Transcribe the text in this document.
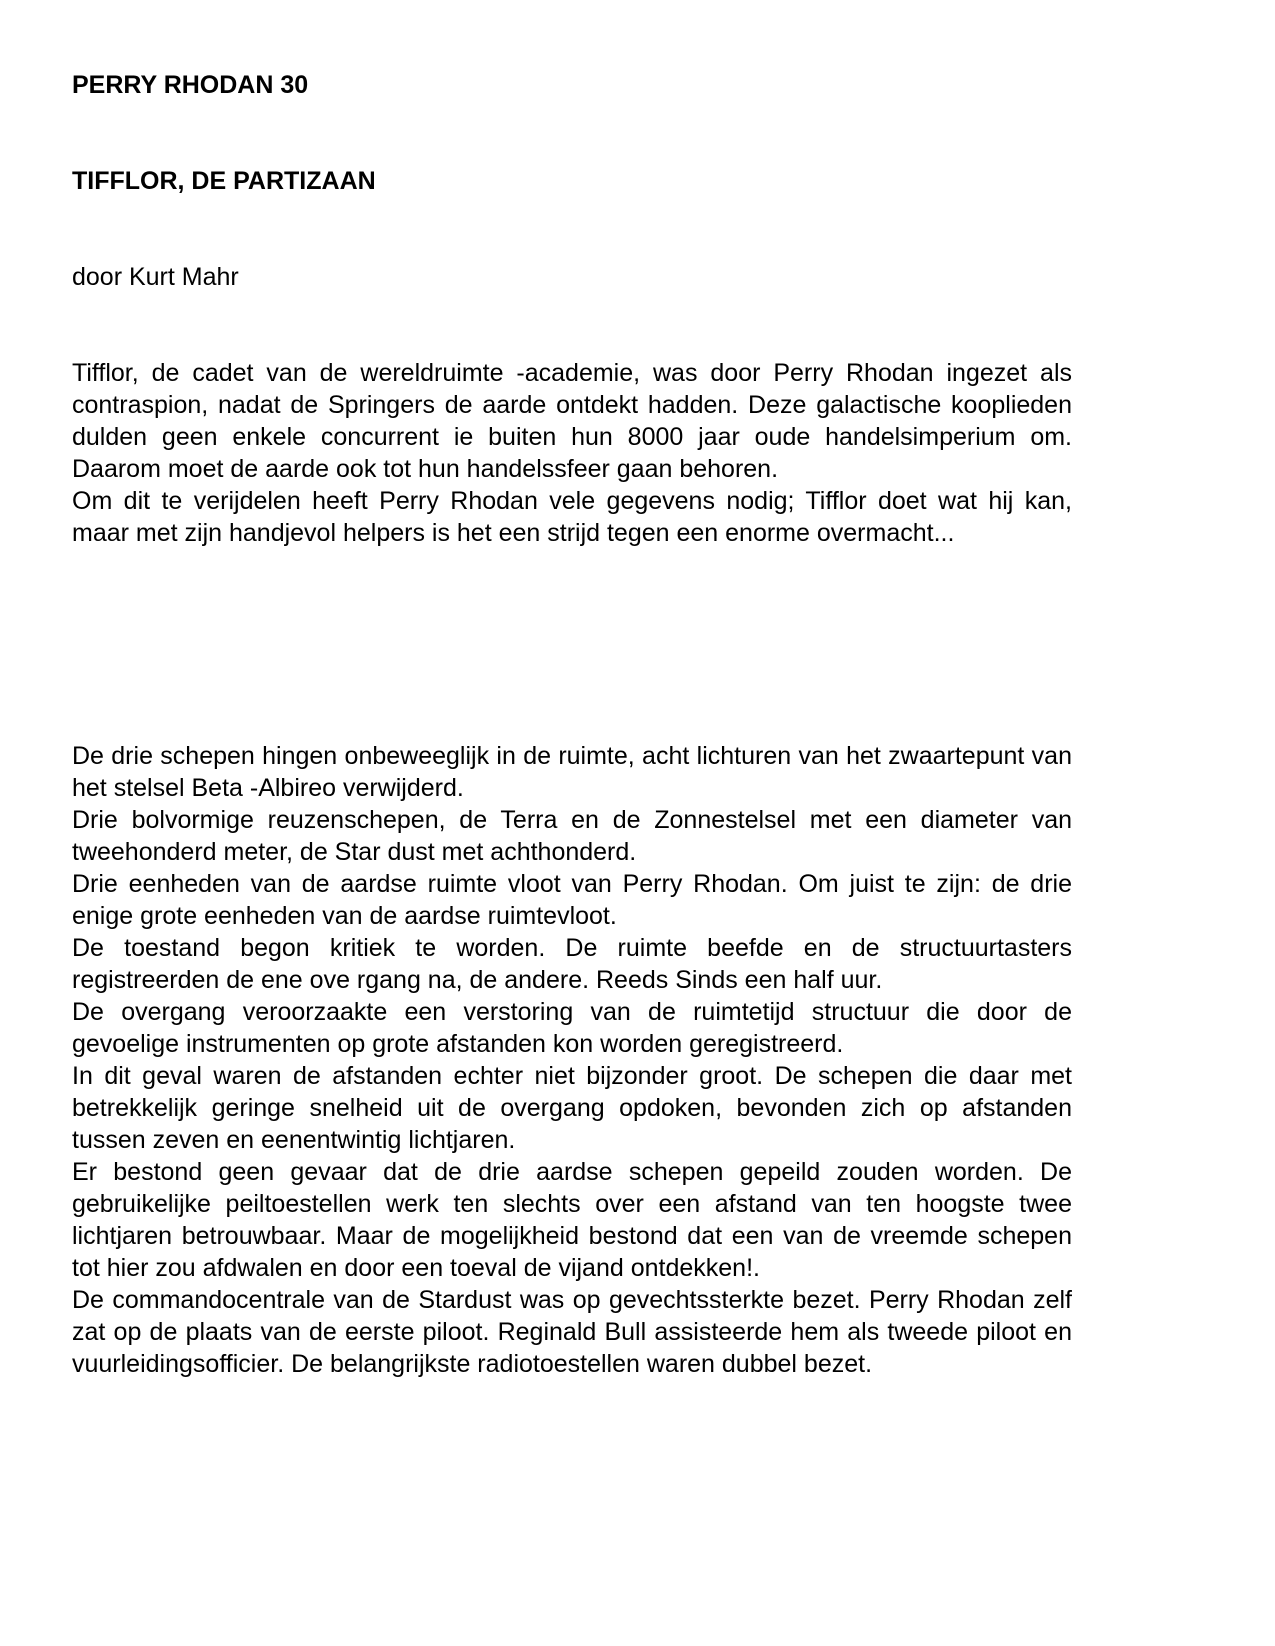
PERRY RHODAN 30
TIFFLOR, DE PARTIZAAN

door Kurt Mahr

Tifflor, de cadet van de wereldruimte -academie, was door Perry Rhodan ingezet als contraspion, nadat de Springers de aarde ontdekt hadden. Deze galactische kooplieden dulden geen enkele concurrent ie buiten hun 8000 jaar oude handelsimperium om. Daarom moet de aarde ook tot hun handelssfeer gaan behoren.

Om dit te verijdelen heeft Perry Rhodan vele gegevens nodig; Tifflor doet wat hij kan, maar met zijn handjevol helpers is het een strijd tegen een enorme overmacht...

De drie schepen hingen onbeweeglijk in de ruimte, acht lichturen van het zwaartepunt van het stelsel Beta -Albireo verwijderd.

Drie bolvormige reuzenschepen, de Terra en de Zonnestelsel met een diameter van tweehonderd meter, de Star dust met achthonderd.

Drie eenheden van de aardse ruimte vloot van Perry Rhodan. Om juist te zijn: de drie enige grote eenheden van de aardse ruimtevloot.

De toestand begon kritiek te worden. De ruimte beefde en de structuurtasters registreerden de ene ove rgang na, de andere. Reeds Sinds een half uur.

De overgang veroorzaakte een verstoring van de ruimtetijd structuur die door de gevoelige instrumenten op grote afstanden kon worden geregistreerd.

In dit geval waren de afstanden echter niet bijzonder groot. De schepen die daar met betrekkelijk geringe snelheid uit de overgang opdoken, bevonden zich op afstanden tussen zeven en eenentwintig lichtjaren.

Er bestond geen gevaar dat de drie aardse schepen gepeild zouden worden. De gebruikelijke peiltoestellen werk ten slechts over een afstand van ten hoogste twee lichtjaren betrouwbaar. Maar de mogelijkheid bestond dat een van de vreemde schepen tot hier zou afdwalen en door een toeval de vijand ontdekken!.

De commandocentrale van de Stardust was op gevechtssterkte bezet. Perry Rhodan zelf zat op de plaats van de eerste piloot. Reginald Bull assisteerde hem als tweede piloot en vuurleidingsofficier. De belangrijkste radiotoestellen waren dubbel bezet.
